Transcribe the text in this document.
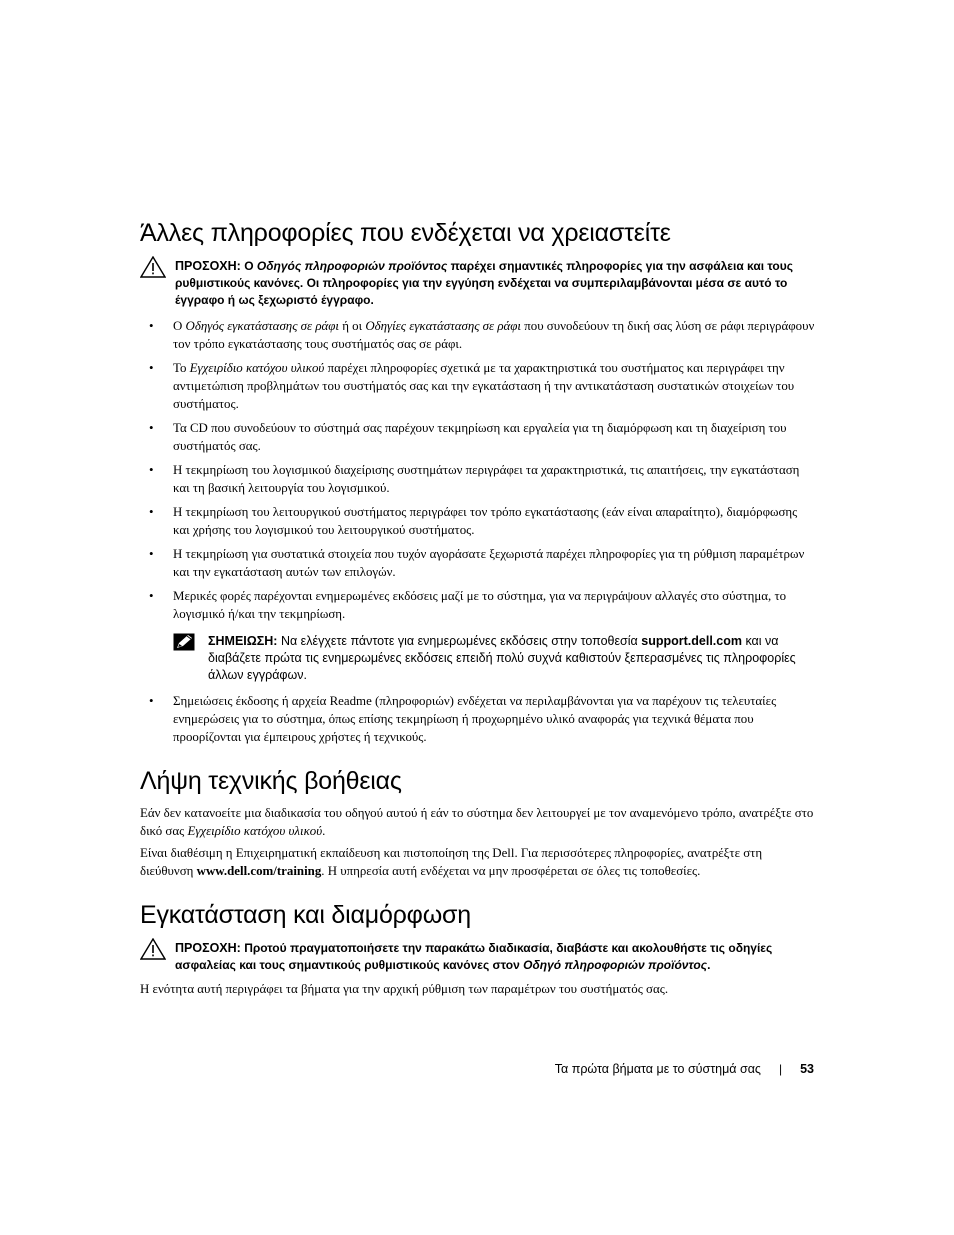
Άλλες πληροφορίες που ενδέχεται να χρειαστείτε
ΠΡΟΣΟΧΗ: Ο Οδηγός πληροφοριών προϊόντος παρέχει σημαντικές πληροφορίες για την ασφάλεια και τους ρυθμιστικούς κανόνες. Οι πληροφορίες για την εγγύηση ενδέχεται να συμπεριλαμβάνονται μέσα σε αυτό το έγγραφο ή ως ξεχωριστό έγγραφο.
• Ο Οδηγός εγκατάστασης σε ράφι ή οι Οδηγίες εγκατάστασης σε ράφι που συνοδεύουν τη δική σας λύση σε ράφι περιγράφουν τον τρόπο εγκατάστασης τους συστήματός σας σε ράφι.
• Το Εγχειρίδιο κατόχου υλικού παρέχει πληροφορίες σχετικά με τα χαρακτηριστικά του συστήματος και περιγράφει την αντιμετώπιση προβλημάτων του συστήματός σας και την εγκατάσταση ή την αντικατάσταση συστατικών στοιχείων του συστήματος.
• Τα CD που συνοδεύουν το σύστημά σας παρέχουν τεκμηρίωση και εργαλεία για τη διαμόρφωση και τη διαχείριση του συστήματός σας.
• Η τεκμηρίωση του λογισμικού διαχείρισης συστημάτων περιγράφει τα χαρακτηριστικά, τις απαιτήσεις, την εγκατάσταση και τη βασική λειτουργία του λογισμικού.
• Η τεκμηρίωση του λειτουργικού συστήματος περιγράφει τον τρόπο εγκατάστασης (εάν είναι απαραίτητο), διαμόρφωσης και χρήσης του λογισμικού του λειτουργικού συστήματος.
• Η τεκμηρίωση για συστατικά στοιχεία που τυχόν αγοράσατε ξεχωριστά παρέχει πληροφορίες για τη ρύθμιση παραμέτρων και την εγκατάσταση αυτών των επιλογών.
• Μερικές φορές παρέχονται ενημερωμένες εκδόσεις μαζί με το σύστημα, για να περιγράψουν αλλαγές στο σύστημα, το λογισμικό ή/και την τεκμηρίωση.
ΣΗΜΕΙΩΣΗ: Να ελέγχετε πάντοτε για ενημερωμένες εκδόσεις στην τοποθεσία support.dell.com και να διαβάζετε πρώτα τις ενημερωμένες εκδόσεις επειδή πολύ συχνά καθιστούν ξεπερασμένες τις πληροφορίες άλλων εγγράφων.
• Σημειώσεις έκδοσης ή αρχεία Readme (πληροφοριών) ενδέχεται να περιλαμβάνονται για να παρέχουν τις τελευταίες ενημερώσεις για το σύστημα, όπως επίσης τεκμηρίωση ή προχωρημένο υλικό αναφοράς για τεχνικά θέματα που προορίζονται για έμπειρους χρήστες ή τεχνικούς.
Λήψη τεχνικής βοήθειας

Εάν δεν κατανοείτε μια διαδικασία του οδηγού αυτού ή εάν το σύστημα δεν λειτουργεί με τον αναμενόμενο τρόπο, ανατρέξτε στο δικό σας Εγχειρίδιο κατόχου υλικού.

Είναι διαθέσιμη η Επιχειρηματική εκπαίδευση και πιστοποίηση της Dell. Για περισσότερες πληροφορίες, ανατρέξτε στη διεύθυνση www.dell.com/training. Η υπηρεσία αυτή ενδέχεται να μην προσφέρεται σε όλες τις τοποθεσίες.

Εγκατάσταση και διαμόρφωση
ΠΡΟΣΟΧΗ: Προτού πραγματοποιήσετε την παρακάτω διαδικασία, διαβάστε και ακολουθήστε τις οδηγίες ασφαλείας και τους σημαντικούς ρυθμιστικούς κανόνες στον Οδηγό πληροφοριών προϊόντος.

Η ενότητα αυτή περιγράφει τα βήματα για την αρχική ρύθμιση των παραμέτρων του συστήματός σας.

Τα πρώτα βήματα με το σύστημά σας | 53
